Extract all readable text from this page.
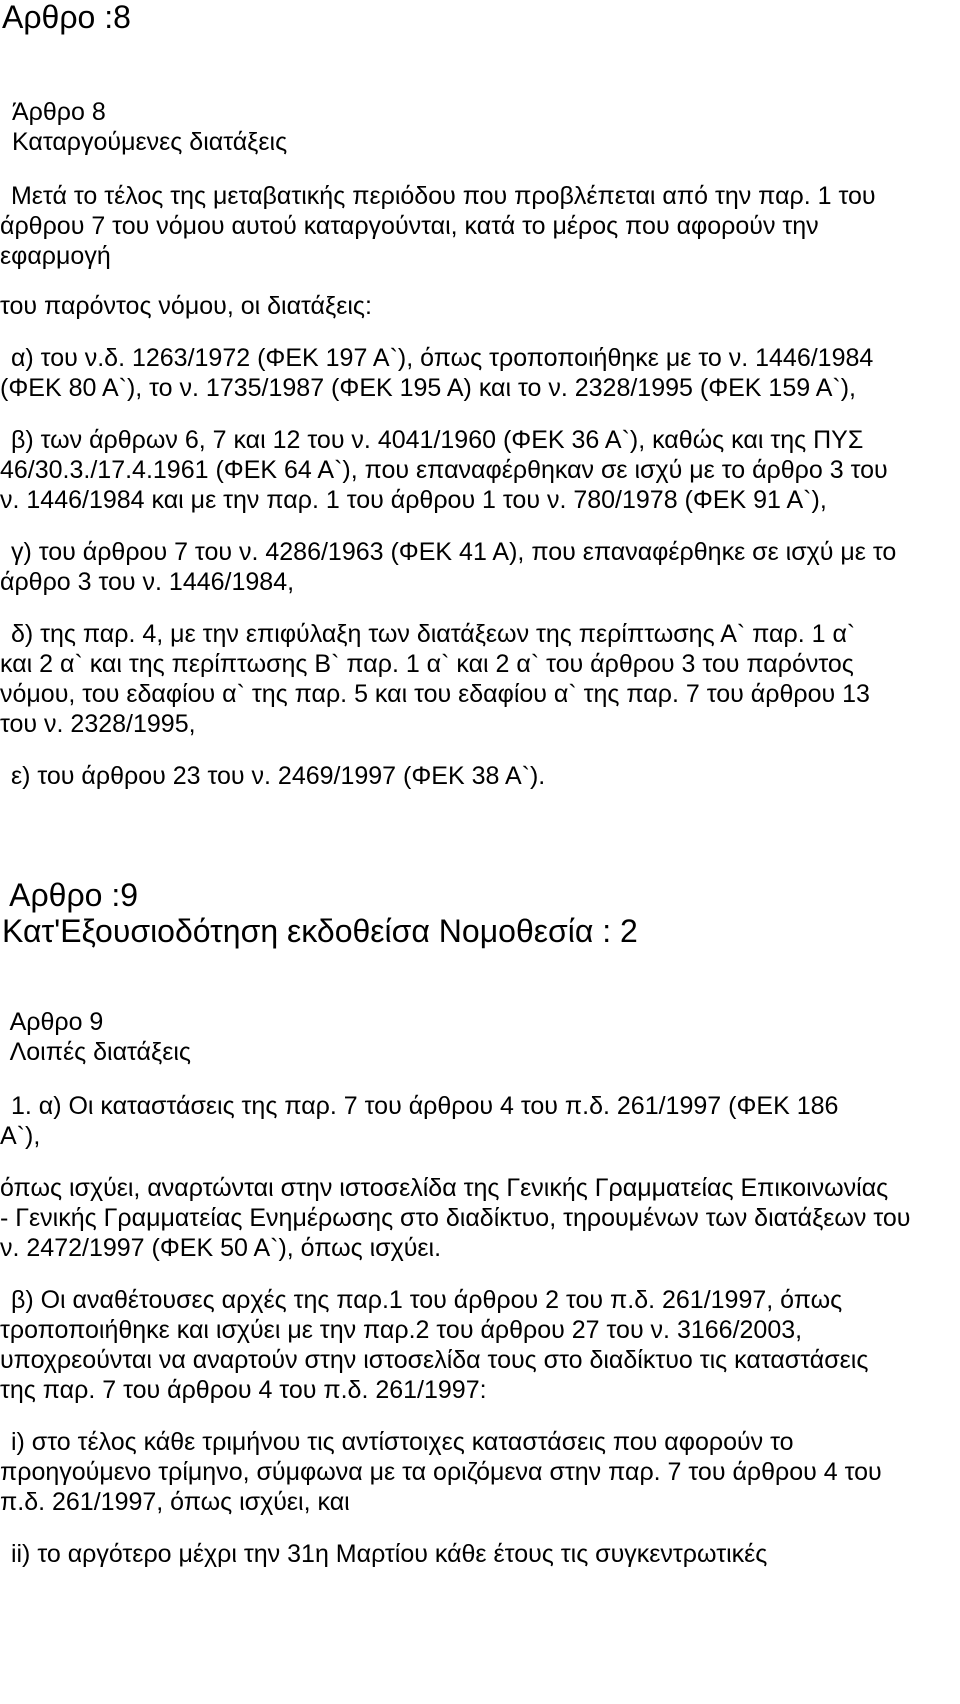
Αρθρο :8
Άρθρο 8
Καταργούμενες διατάξεις
Μετά το τέλος της μεταβατικής περιόδου που προβλέπεται από την παρ. 1 του
άρθρου 7 του νόμου αυτού καταργούνται, κατά το μέρος που αφορούν την
εφαρμογή
του παρόντος νόμου, οι διατάξεις:
α) του ν.δ. 1263/1972 (ΦΕΚ 197 Α`), όπως τροποποιήθηκε με το ν. 1446/1984
(ΦΕΚ 80 Α`), το ν. 1735/1987 (ΦΕΚ 195 Α) και το ν. 2328/1995 (ΦΕΚ 159 Α`),
β) των άρθρων 6, 7 και 12 του ν. 4041/1960 (ΦΕΚ 36 Α`), καθώς και της ΠΥΣ
46/30.3./17.4.1961 (ΦΕΚ 64 Α`), που επαναφέρθηκαν σε ισχύ με το άρθρο 3 του
ν. 1446/1984 και με την παρ. 1 του άρθρου 1 του ν. 780/1978 (ΦΕΚ 91 Α`),
γ) του άρθρου 7 του ν. 4286/1963 (ΦΕΚ 41 Α), που επαναφέρθηκε σε ισχύ με το
άρθρο 3 του ν. 1446/1984,
δ) της παρ. 4, με την επιφύλαξη των διατάξεων της περίπτωσης Α` παρ. 1 α`
και 2 α` και της περίπτωσης Β` παρ. 1 α` και 2 α` του άρθρου 3 του παρόντος
νόμου, του εδαφίου α` της παρ. 5 και του εδαφίου α` της παρ. 7 του άρθρου 13
του ν. 2328/1995,
ε) του άρθρου 23 του ν. 2469/1997 (ΦΕΚ 38 Α`).
Αρθρο :9
Κατ'Εξουσιοδότηση εκδοθείσα Νομοθεσία : 2
Αρθρο 9
Λοιπές διατάξεις
1. α) Οι καταστάσεις της παρ. 7 του άρθρου 4 του π.δ. 261/1997 (ΦΕΚ 186
Α`),
όπως ισχύει, αναρτώνται στην ιστοσελίδα της Γενικής Γραμματείας Επικοινωνίας
- Γενικής Γραμματείας Ενημέρωσης στο διαδίκτυο, τηρουμένων των διατάξεων του
ν. 2472/1997 (ΦΕΚ 50 Α`), όπως ισχύει.
β) Οι αναθέτουσες αρχές της παρ.1 του άρθρου 2 του π.δ. 261/1997, όπως
τροποποιήθηκε και ισχύει με την παρ.2 του άρθρου 27 του ν. 3166/2003,
υποχρεούνται να αναρτούν στην ιστοσελίδα τους στο διαδίκτυο τις καταστάσεις
της παρ. 7 του άρθρου 4 του π.δ. 261/1997:
i) στο τέλος κάθε τριμήνου τις αντίστοιχες καταστάσεις που αφορούν το
προηγούμενο τρίμηνο, σύμφωνα με τα οριζόμενα στην παρ. 7 του άρθρου 4 του
π.δ. 261/1997, όπως ισχύει, και
ii) το αργότερο μέχρι την 31η Μαρτίου κάθε έτους τις συγκεντρωτικές
